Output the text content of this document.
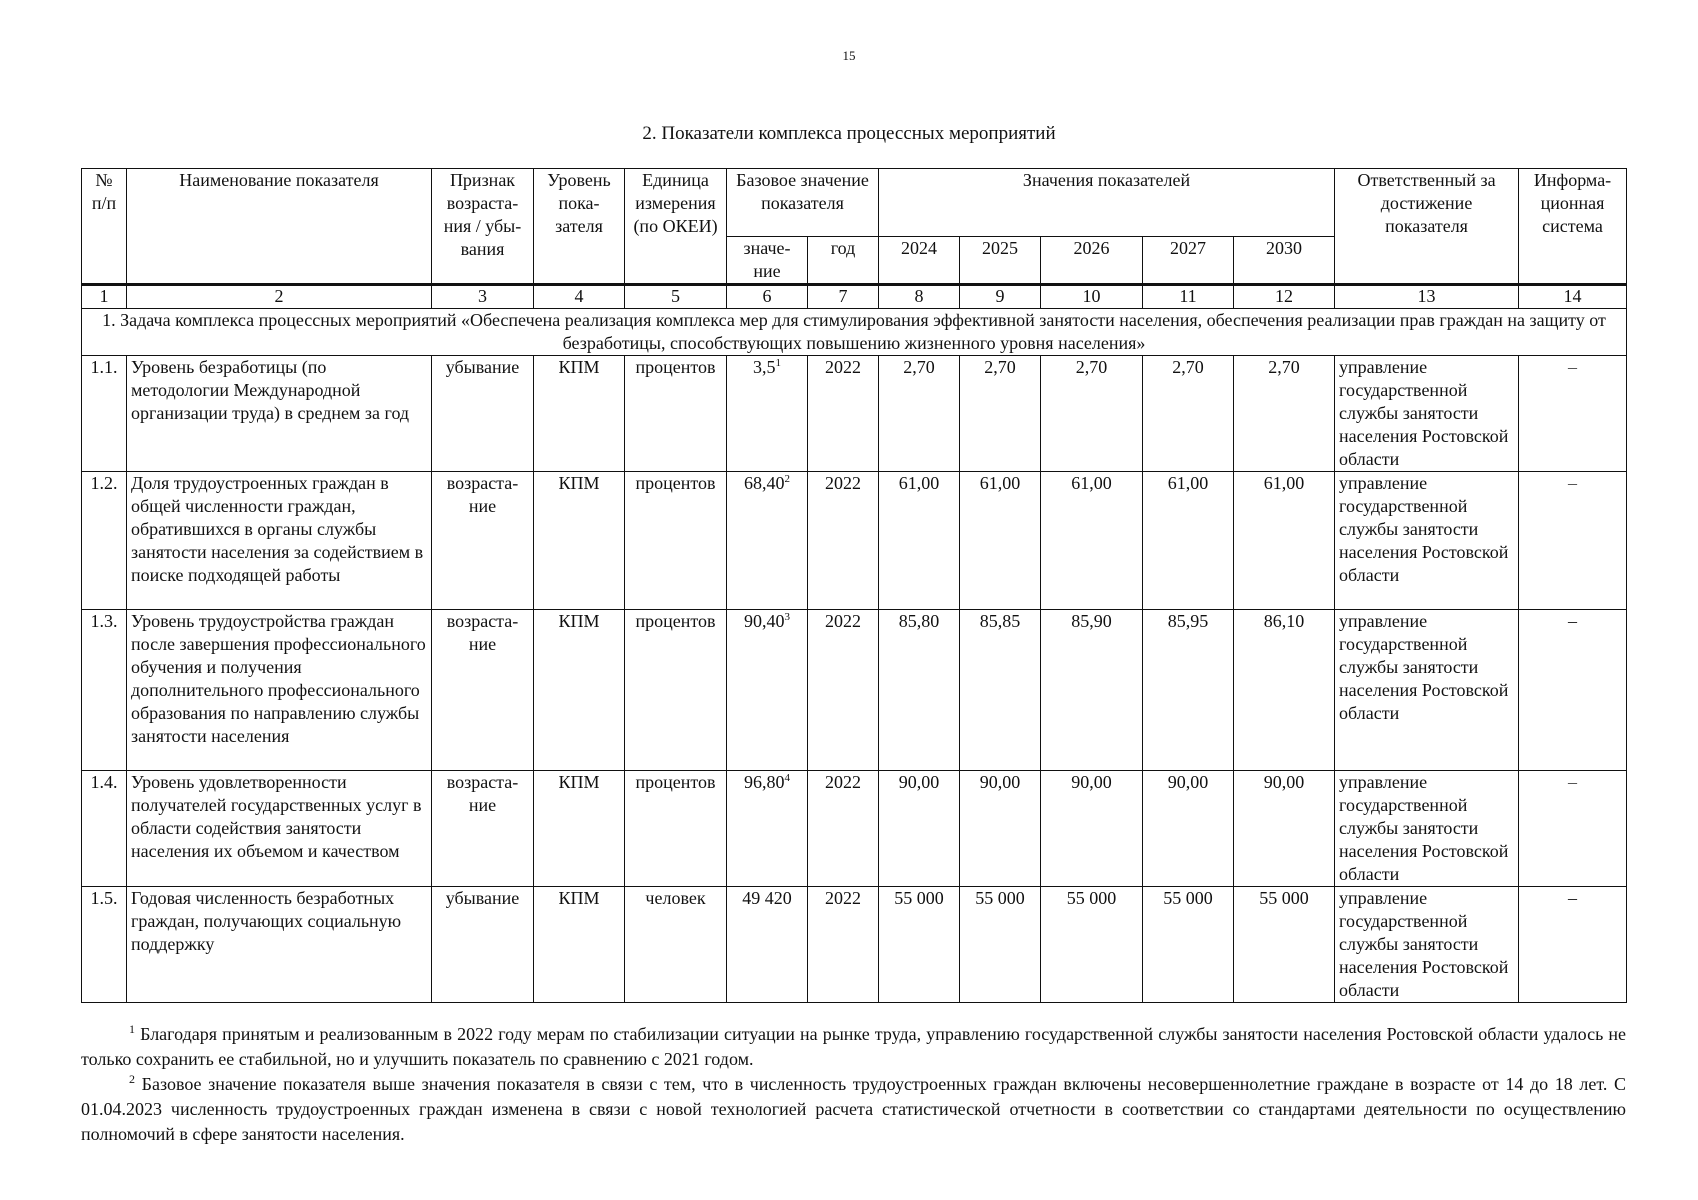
15
2. Показатели комплекса процессных мероприятий
№ п/п	Наименование показателя	Признак возраста-ния / убы-вания	Уровень пока-зателя	Единица измерения (по ОКЕИ)	Базовое значение показателя		Значения показателей					Ответственный за достижение показателя	Информа-ционная система
					значе-ние	год	2024	2025	2026	2027	2030		
1	2	3	4	5	6	7	8	9	10	11	12	13	14
1. Задача комплекса процессных мероприятий «Обеспечена реализация комплекса мер для стимулирования эффективной занятости населения, обеспечения реализации прав граждан на защиту от безработицы, способствующих повышению жизненного уровня населения»													
1.1.	Уровень безработицы (по методологии Международной организации труда) в среднем за год	убывание	КПМ	процентов	$3,5^1$	2022	2,70	2,70	2,70	2,70	2,70	управление государственной службы занятости населения Ростовской области	–
1.2.	Доля трудоустроенных граждан в общей численности граждан, обратившихся в органы службы занятости населения за содействием в поиске подходящей работы	возраста-ние	КПМ	процентов	68,40$^2$	2022	61,00	61,00	61,00	61,00	61,00	управление государственной службы занятости населения Ростовской области	–
1.3.	Уровень трудоустройства граждан после завершения профессионального обучения и получения дополнительного профессионального образования по направлению службы занятости населения	возраста-ние	КПМ	процентов	90,40$^3$	2022	85,80	85,85	85,90	85,95	86,10	управление государственной службы занятости населения Ростовской области	–
1.4.	Уровень удовлетворенности получателей государственных услуг в области содействия занятости населения их объемом и качеством	возраста-ние	КПМ	процентов	96,80$^4$	2022	90,00	90,00	90,00	90,00	90,00	управление государственной службы занятости населения Ростовской области	–
1.5.	Годовая численность безработных граждан, получающих социальную поддержку	убывание	КПМ	человек	49 420	2022	55 000	55 000	55 000	55 000	55 000	управление государственной службы занятости населения Ростовской области	–

$^1$ Благодаря принятым и реализованным в 2022 году мерам по стабилизации ситуации на рынке труда, управлению государственной службы занятости населения Ростовской области удалось не только сохранить ее стабильной, но и улучшить показатель по сравнению с 2021 годом.

$^2$ Базовое значение показателя выше значения показателя в связи с тем, что в численность трудоустроенных граждан включены несовершеннолетние граждане в возрасте от 14 до 18 лет. С 01.04.2023 численность трудоустроенных граждан изменена в связи с новой технологией расчета статистической отчетности в соответствии со стандартами деятельности по осуществлению полномочий в сфере занятости населения.
